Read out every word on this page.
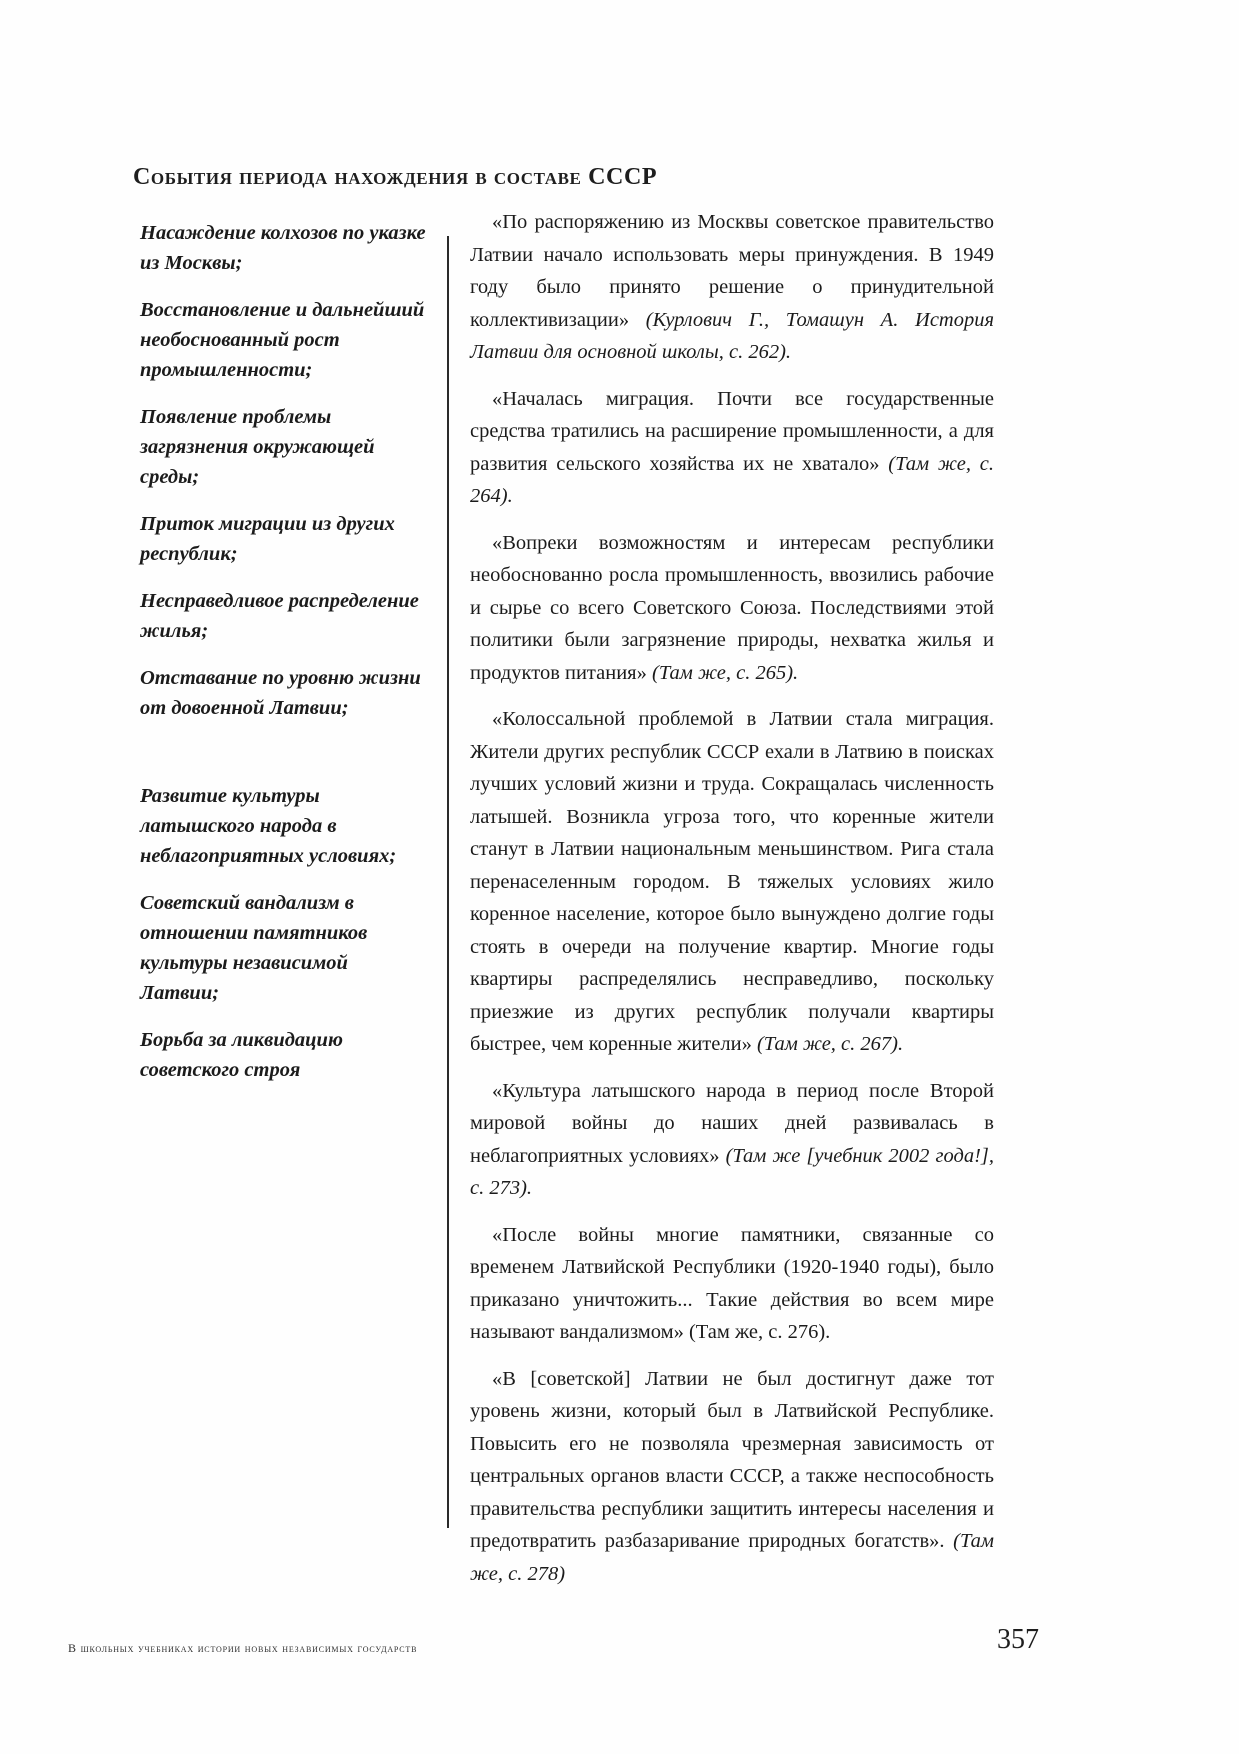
События периода нахождения в составе СССР

Насаждение колхозов по указке из Москвы;

Восстановление и дальнейший необоснованный рост промышленности;

Появление проблемы загрязнения окружающей среды;

Приток миграции из других республик;

Несправедливое распределение жилья;

Отставание по уровню жизни от довоенной Латвии;

Развитие культуры латышского народа в неблагоприятных условиях;

Советский вандализм в отношении памятников культуры независимой Латвии;

Борьба за ликвидацию советского строя

«По распоряжению из Москвы советское правительство Латвии начало использовать меры принуждения. В 1949 году было принято решение о принудительной коллективизации» (Курлович Г., Томашун А. История Латвии для основной школы, с. 262).

«Началась миграция. Почти все государственные средства тратились на расширение промышленности, а для развития сельского хозяйства их не хватало» (Там же, с. 264).

«Вопреки возможностям и интересам республики необоснованно росла промышленность, ввозились рабочие и сырье со всего Советского Союза. Последствиями этой политики были загрязнение природы, нехватка жилья и продуктов питания» (Там же, с. 265).

«Колоссальной проблемой в Латвии стала миграция. Жители других республик СССР ехали в Латвию в поисках лучших условий жизни и труда. Сокращалась численность латышей. Возникла угроза того, что коренные жители станут в Латвии национальным меньшинством. Рига стала перенаселенным городом. В тяжелых условиях жило коренное население, которое было вынуждено долгие годы стоять в очереди на получение квартир. Многие годы квартиры распределялись несправедливо, поскольку приезжие из других республик получали квартиры быстрее, чем коренные жители» (Там же, с. 267).

«Культура латышского народа в период после Второй мировой войны до наших дней развивалась в неблагоприятных условиях» (Там же [учебник 2002 года!], с. 273).

«После войны многие памятники, связанные со временем Латвийской Республики (1920-1940 годы), было приказано уничтожить... Такие действия во всем мире называют вандализмом» (Там же, с. 276).

«В [советской] Латвии не был достигнут даже тот уровень жизни, который был в Латвийской Республике. Повысить его не позволяла чрезмерная зависимость от центральных органов власти СССР, а также неспособность правительства республики защитить интересы населения и предотвратить разбазаривание природных богатств». (Там же, с. 278)

В школьных учебниках истории новых независимых государств	357
